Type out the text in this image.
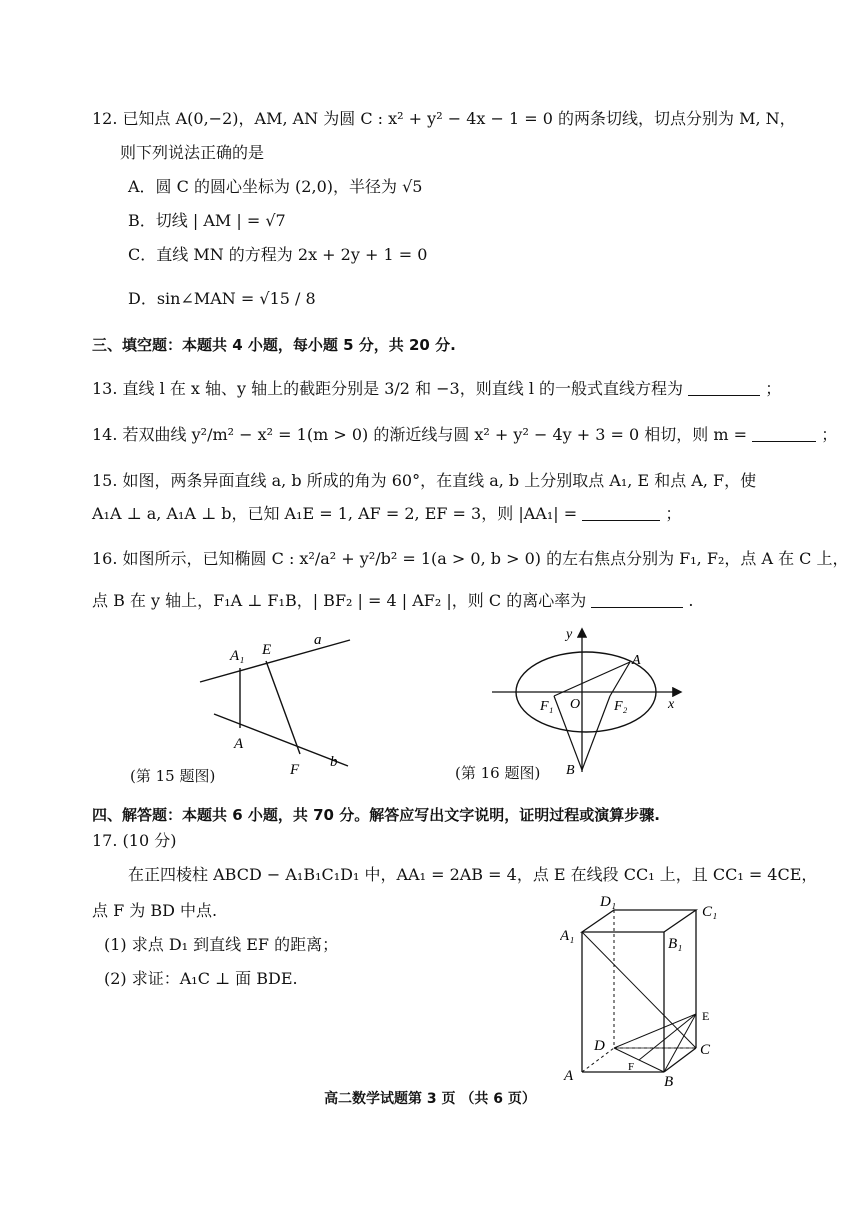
12. 已知点 A(0,−2)，AM, AN 为圆 C : x² + y² − 4x − 1 = 0 的两条切线，切点分别为 M, N，
则下列说法正确的是
A．圆 C 的圆心坐标为 (2,0)，半径为 √5
B．切线 | AM | = √7
C．直线 MN 的方程为 2x + 2y + 1 = 0
D．sin∠MAN = √15 / 8
三、填空题：本题共 4 小题，每小题 5 分，共 20 分.
13. 直线 l 在 x 轴、y 轴上的截距分别是 3/2 和 −3，则直线 l 的一般式直线方程为	；
14. 若双曲线 y²/m² − x² = 1(m > 0) 的渐近线与圆 x² + y² − 4y + 3 = 0 相切，则 m =	；
15. 如图，两条异面直线 a, b 所成的角为 60°，在直线 a, b 上分别取点 A₁, E 和点 A, F，使
A₁A ⊥ a, A₁A ⊥ b，已知 A₁E = 1, AF = 2, EF = 3，则 |AA₁| =	；
16. 如图所示，已知椭圆 C : x²/a² + y²/b² = 1(a > 0, b > 0) 的左右焦点分别为 F₁, F₂，点 A 在 C 上，
点 B 在 y 轴上，F₁A ⊥ F₁B，| BF₂ | = 4 | AF₂ |，则 C 的离心率为	.
a
b
A₁ E
A
F
(第 15 题图)
y
x
A
O
F₁	F₂
B
(第 16 题图)
四、解答题：本题共 6 小题，共 70 分。解答应写出文字说明，证明过程或演算步骤.
17. (10 分)
在正四棱柱 ABCD − A₁B₁C₁D₁ 中，AA₁ = 2AB = 4，点 E 在线段 CC₁ 上，且 CC₁ = 4CE，
点 F 为 BD 中点.
(1) 求点 D₁ 到直线 EF 的距离；
(2) 求证：A₁C ⊥ 面 BDE.
D₁
C₁
A₁	B₁
E
D	C
F
A	B
高二数学试题第 3 页 （共 6 页）
